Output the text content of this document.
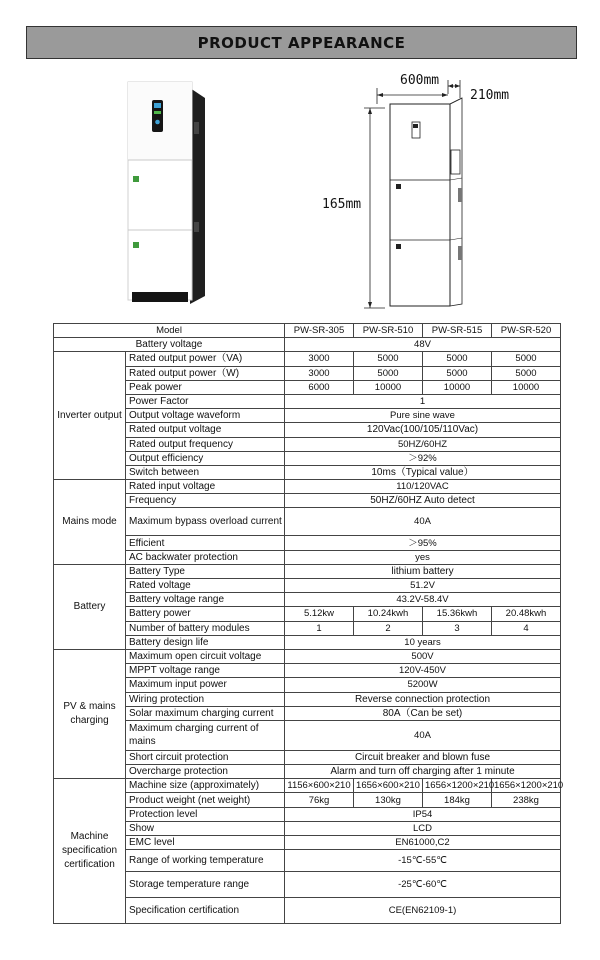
PRODUCT APPEARANCE
600mm
210mm
165mm
Model		PW-SR-305	PW-SR-510	PW-SR-515	PW-SR-520
Battery voltage		48V			
Inverter output	Rated output power（VA)	3000	5000	5000	5000
	Rated output power（W)	3000	5000	5000	5000
	Peak power	6000	10000	10000	10000
	Power Factor	1			
	Output voltage waveform	Pure sine wave			
	Rated output voltage	120Vac(100/105/110Vac)			
	Rated output frequency	50HZ/60HZ			
	Output efficiency	＞92%			
	Switch between	10ms（Typical value）			
Mains mode	Rated input voltage	110/120VAC			
	Frequency	50HZ/60HZ Auto detect			
	Maximum bypass overload current	40A			
	Efficient	＞95%			
	AC backwater protection	yes			
Battery	Battery Type	lithium battery			
	Rated voltage	51.2V			
	Battery voltage range	43.2V-58.4V			
	Battery power	5.12kw	10.24kwh	15.36kwh	20.48kwh
	Number of battery modules	1	2	3	4
	Battery design life	10 years			
PV & mains charging	Maximum open circuit voltage	500V			
	MPPT voltage range	120V-450V			
	Maximum input power	5200W			
	Wiring protection	Reverse connection protection			
	Solar maximum charging current	80A（Can be set)			
	Maximum charging current of mains	40A			
	Short circuit protection	Circuit breaker and blown fuse			
	Overcharge protection	Alarm and turn off charging after 1 minute			
Machine specification certification	Machine size (approximately)	1156×600×210	1656×600×210	1656×1200×210	1656×1200×210
	Product weight (net weight)	76kg	130kg	184kg	238kg
	Protection level	IP54			
	Show	LCD			
	EMC level	EN61000,C2			
	Range of working temperature	-15℃-55℃			
	Storage temperature range	-25℃-60℃			
	Specification certification	CE(EN62109-1)			
